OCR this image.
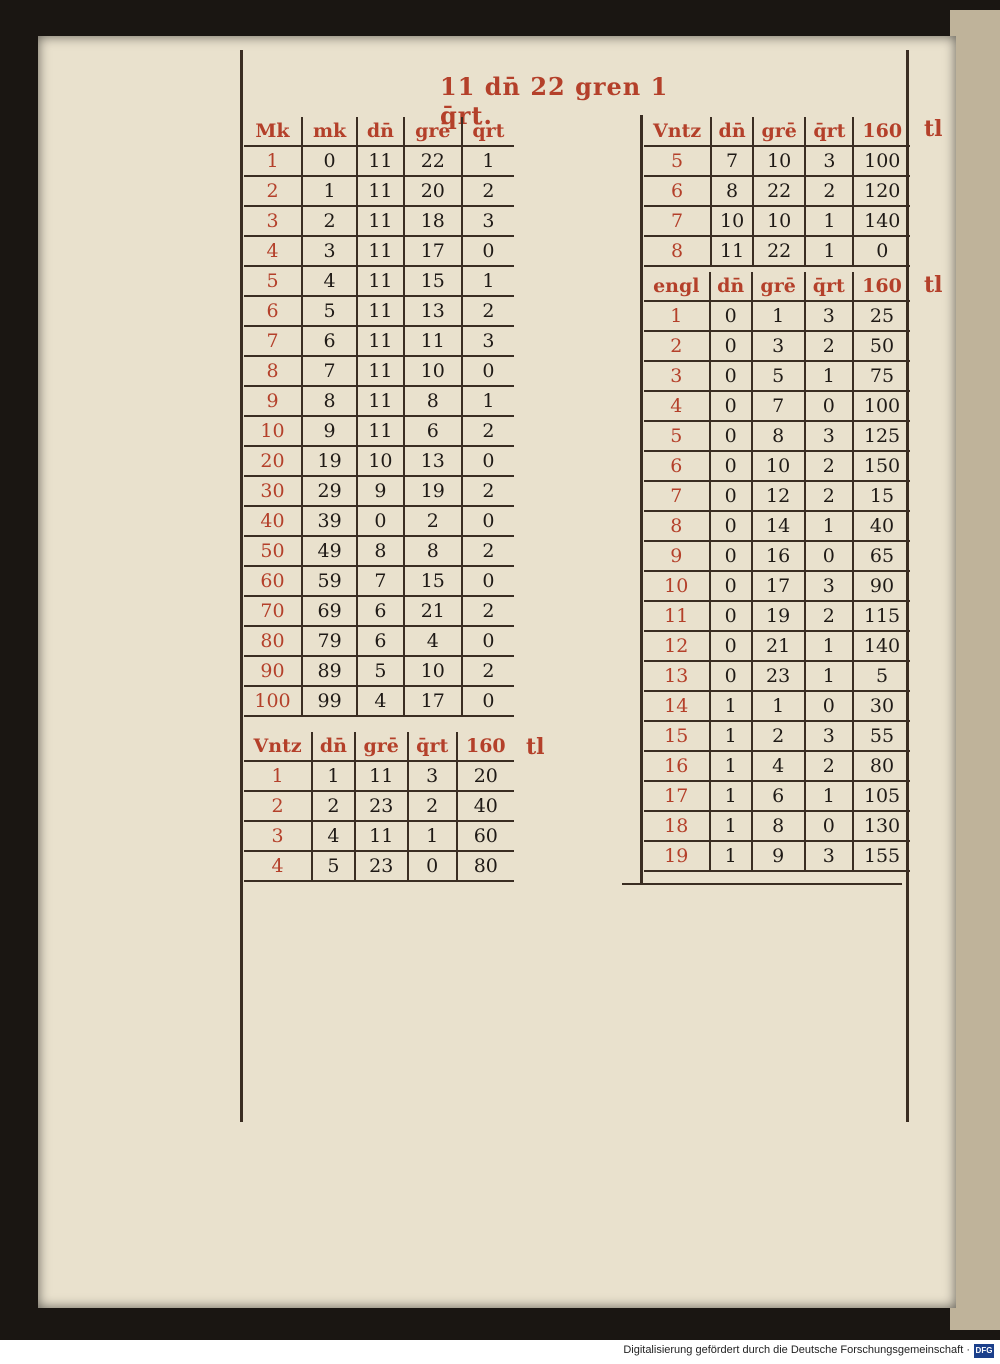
11 dn̄ 22 gren 1 q̄rt.
Mk	mk	dn̄	grē	q̄rt
1	0	11	22	1
2	1	11	20	2
3	2	11	18	3
4	3	11	17	0
5	4	11	15	1
6	5	11	13	2
7	6	11	11	3
8	7	11	10	0
9	8	11	8	1
10	9	11	6	2
20	19	10	13	0
30	29	9	19	2
40	39	0	2	0
50	49	8	8	2
60	59	7	15	0
70	69	6	21	2
80	79	6	4	0
90	89	5	10	2
100	99	4	17	0
Vntz	dn̄	grē	q̄rt	160
1	1	11	3	20
2	2	23	2	40
3	4	11	1	60
4	5	23	0	80
Vntz	dn̄	grē	q̄rt	160
5	7	10	3	100
6	8	22	2	120
7	10	10	1	140
8	11	22	1	0
engl	dn̄	grē	q̄rt	160
1	0	1	3	25
2	0	3	2	50
3	0	5	1	75
4	0	7	0	100
5	0	8	3	125
6	0	10	2	150
7	0	12	2	15
8	0	14	1	40
9	0	16	0	65
10	0	17	3	90
11	0	19	2	115
12	0	21	1	140
13	0	23	1	5
14	1	1	0	30
15	1	2	3	55
16	1	4	2	80
17	1	6	1	105
18	1	8	0	130
19	1	9	3	155
tl
tl
tl
Digitalisierung gefördert durch die Deutsche Forschungsgemeinschaft · DFG
